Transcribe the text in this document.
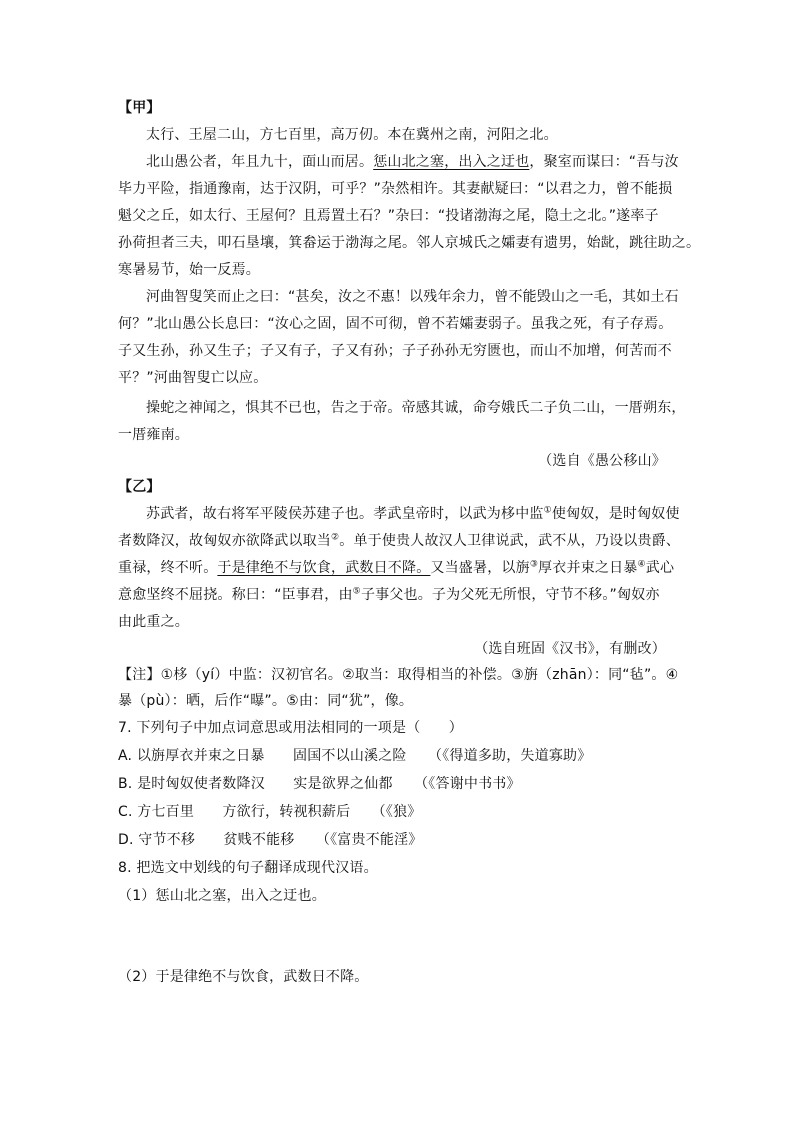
【甲】
太行、王屋二山，方七百里，高万仞。本在冀州之南，河阳之北。
北山愚公者，年且九十，面山而居。惩山北之塞，出入之迂也，聚室而谋曰：“吾与汝
毕力平险，指通豫南，达于汉阴，可乎？”杂然相许。其妻献疑曰：“以君之力，曾不能损
魁父之丘，如太行、王屋何？且焉置土石？”杂曰：“投诸渤海之尾，隐土之北。”遂率子
孙荷担者三夫，叩石垦壤，箕畚运于渤海之尾。邻人京城氏之孀妻有遗男，始龀，跳往助之。
寒暑易节，始一反焉。
河曲智叟笑而止之曰：“甚矣，汝之不惠！以残年余力，曾不能毁山之一毛，其如土石
何？”北山愚公长息曰：“汝心之固，固不可彻，曾不若孀妻弱子。虽我之死，有子存焉。
子又生孙，孙又生子；子又有子，子又有孙；子子孙孙无穷匮也，而山不加增，何苦而不
平？”河曲智叟亡以应。
操蛇之神闻之，惧其不已也，告之于帝。帝感其诚，命夸娥氏二子负二山，一厝朔东，
一厝雍南。
（选自《愚公移山》
【乙】
苏武者，故右将军平陵侯苏建子也。孝武皇帝时，以武为栘中监①使匈奴，是时匈奴使
者数降汉，故匈奴亦欲降武以取当②。单于使贵人故汉人卫律说武，武不从，乃设以贵爵、
重禄，终不听。于是律绝不与饮食，武数日不降。又当盛暑，以旃③厚衣并束之日暴④武心
意愈坚终不屈挠。称曰：“臣事君，由⑤子事父也。子为父死无所恨，守节不移。”匈奴亦
由此重之。
（选自班固《汉书》，有删改）
【注】①栘（yí）中监：汉初官名。②取当：取得相当的补偿。③旃（zhān）：同“毡”。④
暴（pù）：晒，后作“曝”。⑤由：同“犹”，像。
7. 下列句子中加点词意思或用法相同的一项是（　　）
A. 以旃厚衣并束之日暴　　固国不以山溪之险　　（《得道多助，失道寡助》
B. 是时匈奴使者数降汉　　实是欲界之仙都　　（《答谢中书书》
C. 方七百里　　方欲行，转视积薪后　　（《狼》
D. 守节不移　　贫贱不能移　　（《富贵不能淫》
8. 把选文中划线的句子翻译成现代汉语。
（1）惩山北之塞，出入之迂也。
（2）于是律绝不与饮食，武数日不降。
